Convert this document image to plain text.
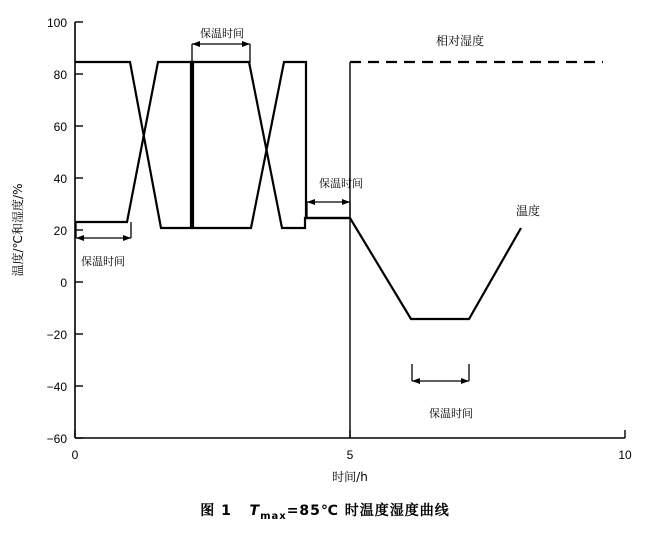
100
80
60
40
20
0
−20
−40
−60
0	5	10
时间/h
温度/℃和湿度/%
保温时间
保温时间
保温时间
保温时间
相对湿度
温度
图 1 $T_{max}=85℃$ 时温度湿度曲线
